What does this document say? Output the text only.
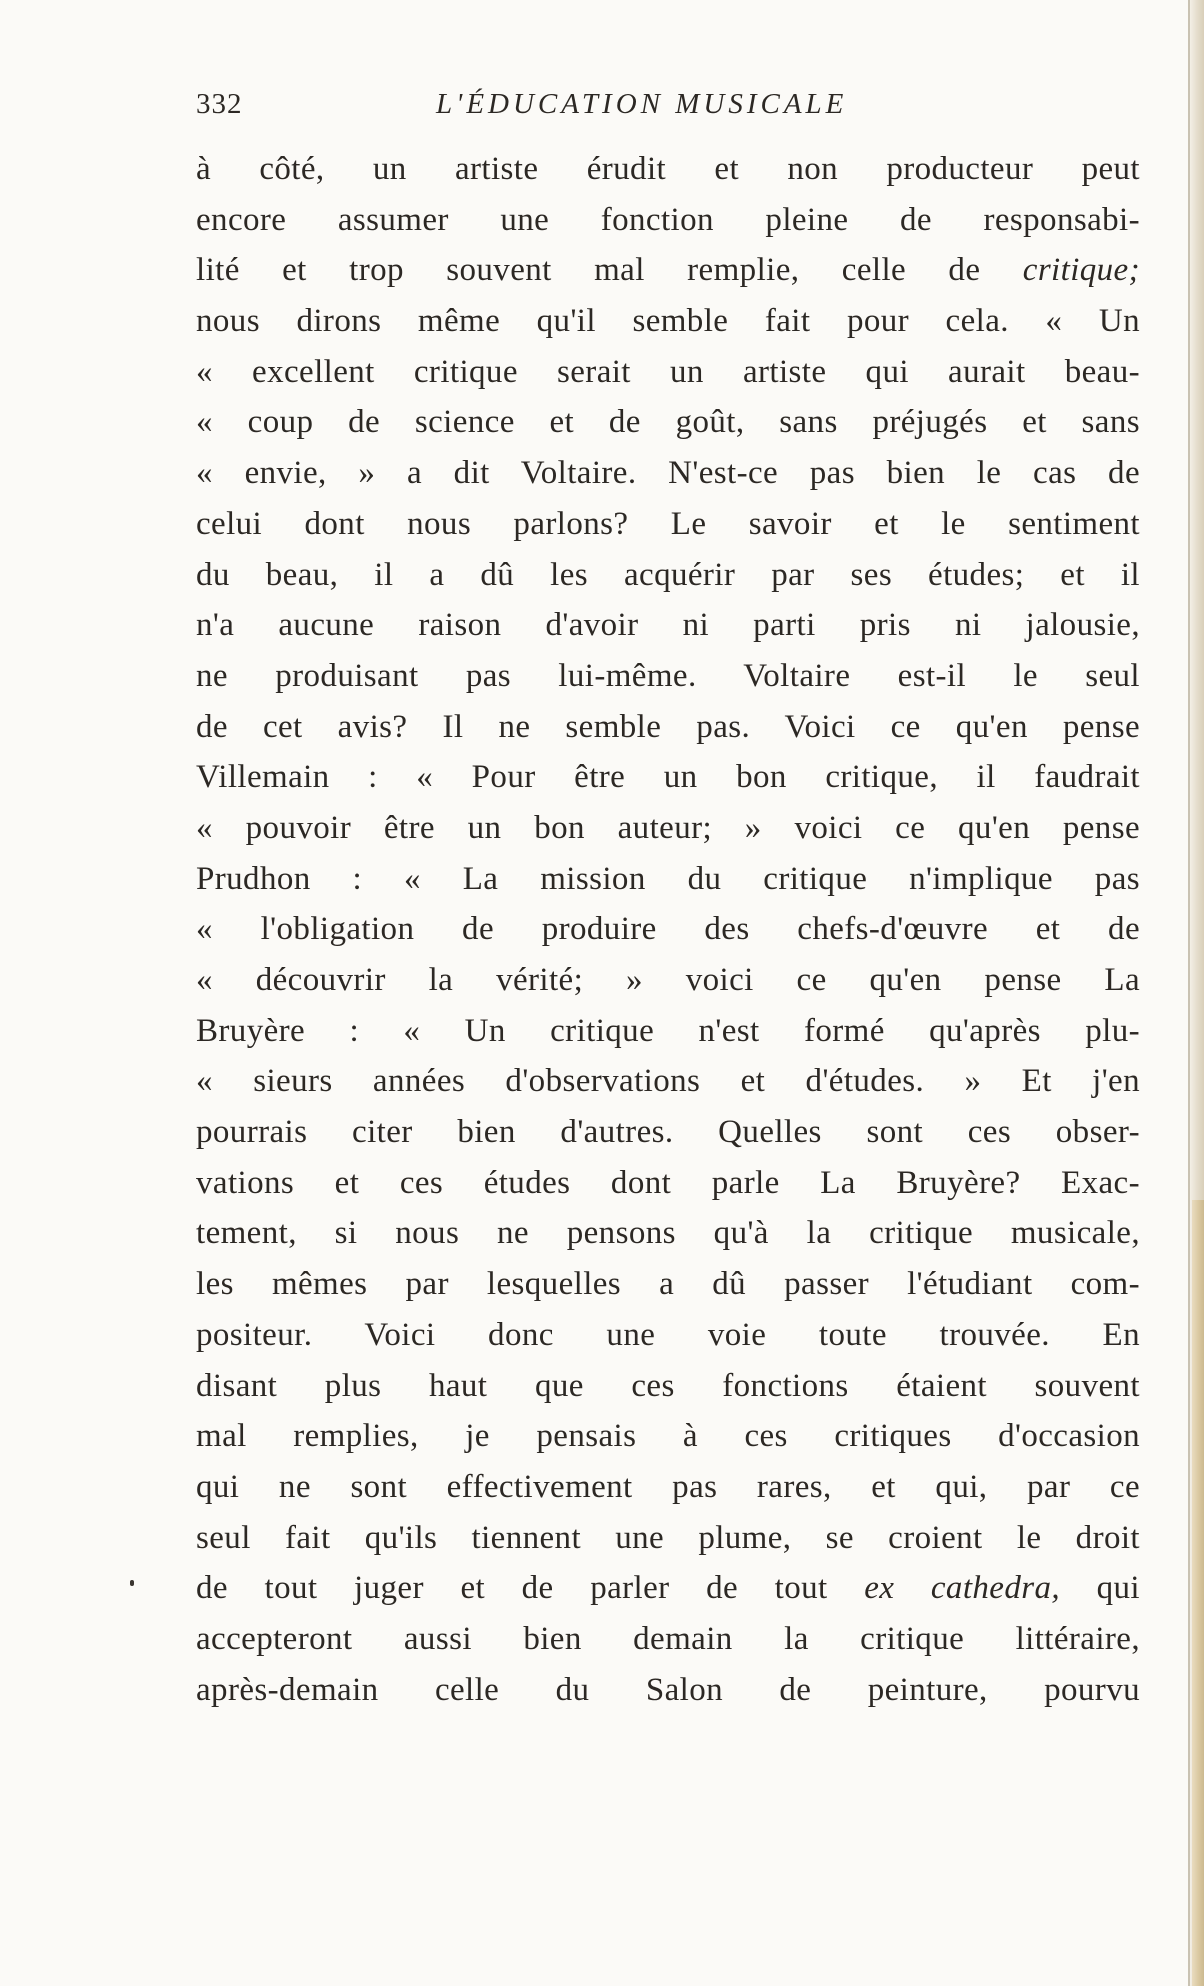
332	L'ÉDUCATION MUSICALE
à côté, un artiste érudit et non producteur peut
encore assumer une fonction pleine de responsabi-
lité et trop souvent mal remplie, celle de critique;
nous dirons même qu'il semble fait pour cela. « Un
« excellent critique serait un artiste qui aurait beau-
« coup de science et de goût, sans préjugés et sans
« envie, » a dit Voltaire. N'est-ce pas bien le cas de
celui dont nous parlons? Le savoir et le sentiment
du beau, il a dû les acquérir par ses études; et il
n'a aucune raison d'avoir ni parti pris ni jalousie,
ne produisant pas lui-même. Voltaire est-il le seul
de cet avis? Il ne semble pas. Voici ce qu'en pense
Villemain : « Pour être un bon critique, il faudrait
« pouvoir être un bon auteur; » voici ce qu'en pense
Prudhon : « La mission du critique n'implique pas
« l'obligation de produire des chefs-d'œuvre et de
« découvrir la vérité; » voici ce qu'en pense La
Bruyère : « Un critique n'est formé qu'après plu-
« sieurs années d'observations et d'études. » Et j'en
pourrais citer bien d'autres. Quelles sont ces obser-
vations et ces études dont parle La Bruyère? Exac-
tement, si nous ne pensons qu'à la critique musicale,
les mêmes par lesquelles a dû passer l'étudiant com-
positeur. Voici donc une voie toute trouvée. En
disant plus haut que ces fonctions étaient souvent
mal remplies, je pensais à ces critiques d'occasion
qui ne sont effectivement pas rares, et qui, par ce
seul fait qu'ils tiennent une plume, se croient le droit
de tout juger et de parler de tout ex cathedra, qui
accepteront aussi bien demain la critique littéraire,
après-demain celle du Salon de peinture, pourvu
